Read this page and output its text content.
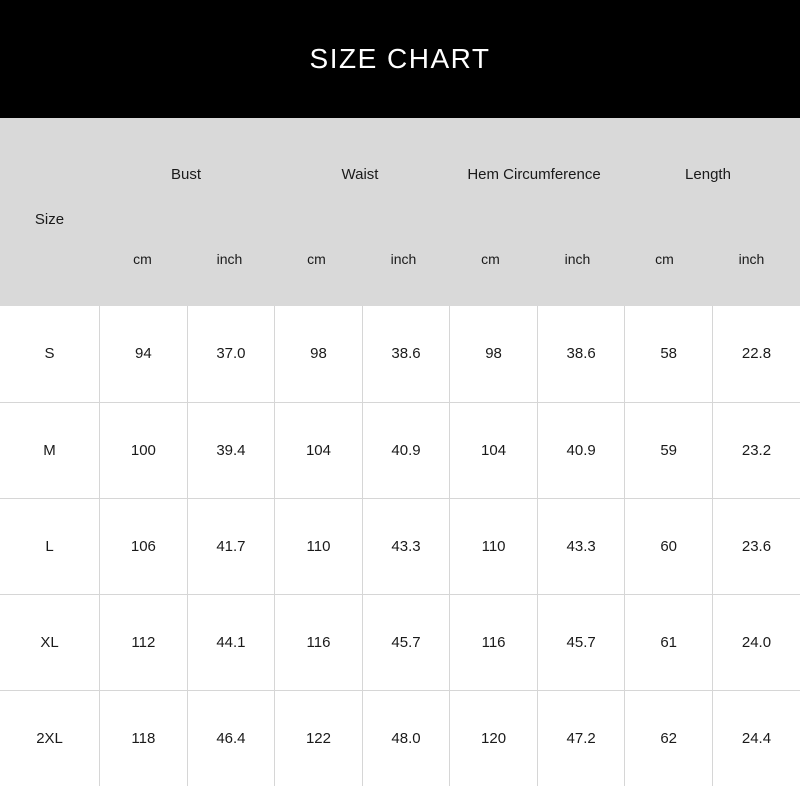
SIZE CHART
Size
Bust	Waist	Hem Circumference	Length
cm	inch	cm	inch	cm	inch	cm	inch
S	94	37.0	98	38.6	98	38.6	58	22.8
M	100	39.4	104	40.9	104	40.9	59	23.2
L	106	41.7	110	43.3	110	43.3	60	23.6
XL	112	44.1	116	45.7	116	45.7	61	24.0
2XL	118	46.4	122	48.0	120	47.2	62	24.4
